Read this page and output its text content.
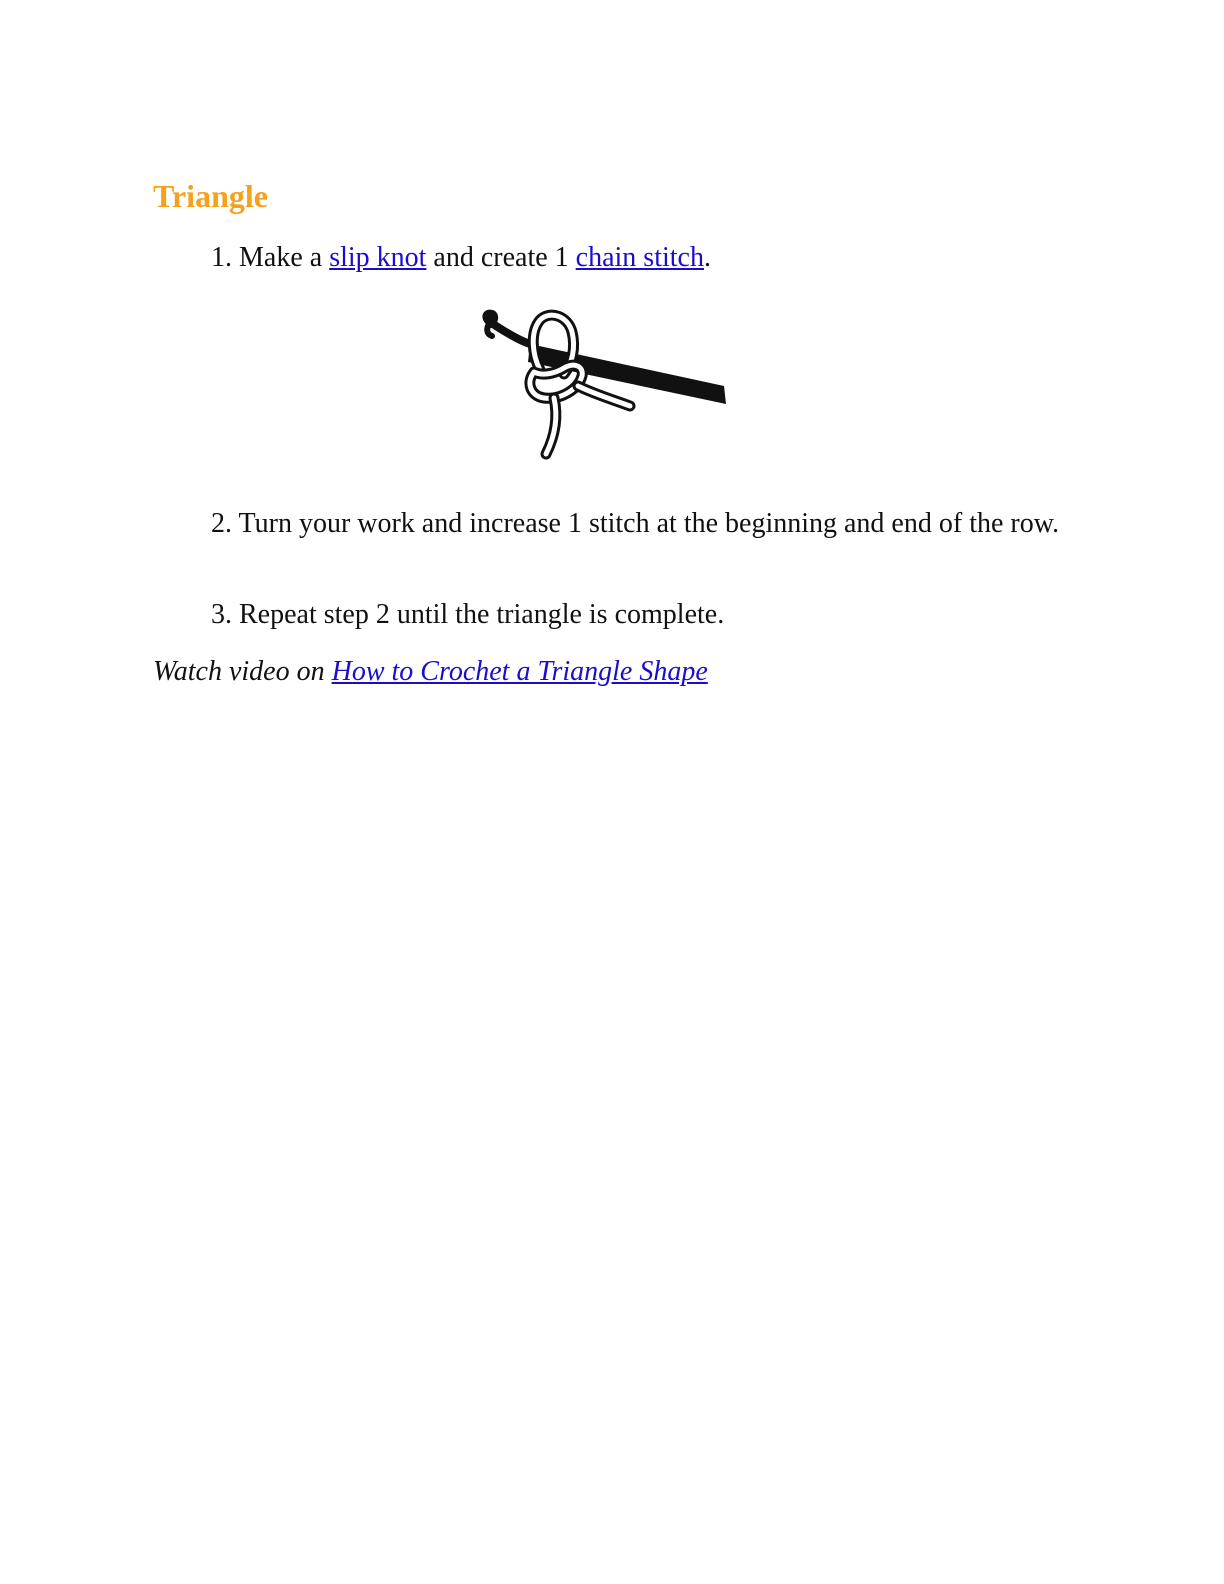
Triangle

1. Make a slip knot and create 1 chain stitch.

2. Turn your work and increase 1 stitch at the beginning and end of the row.

3. Repeat step 2 until the triangle is complete.

Watch video on How to Crochet a Triangle Shape
